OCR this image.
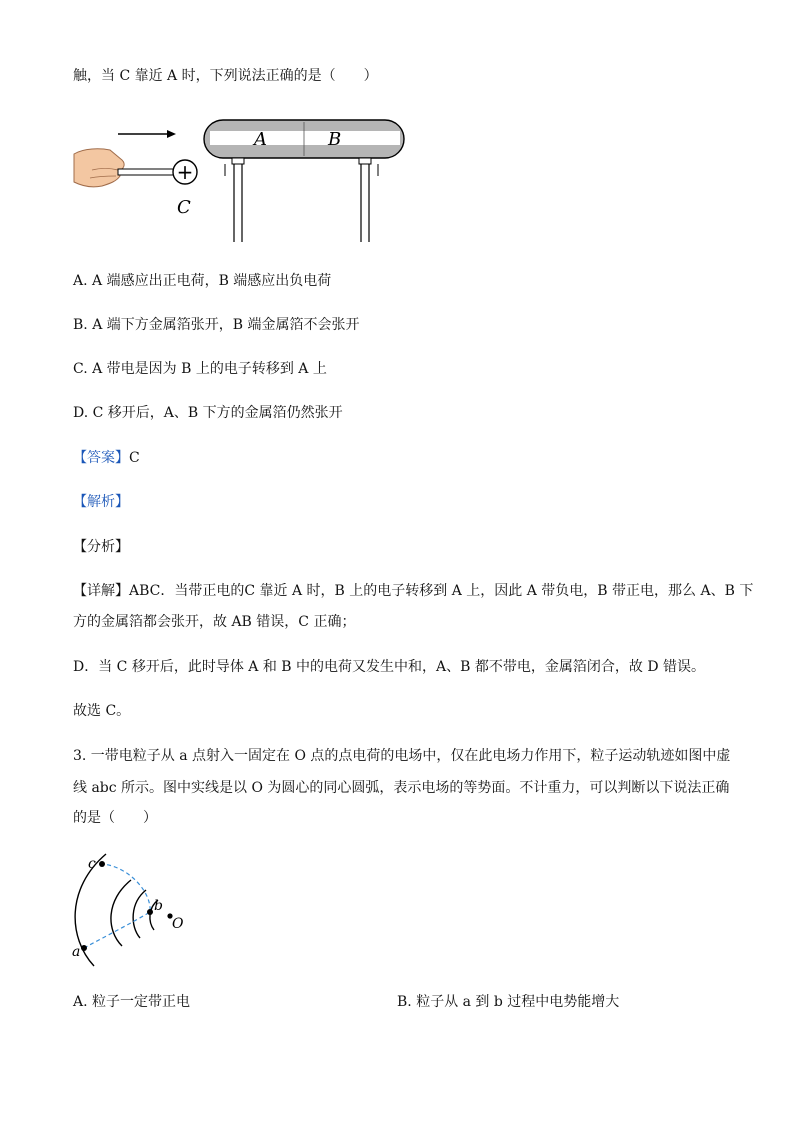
触，当 C 靠近 A 时，下列说法正确的是（　　）
+
C
A	B
A. A 端感应出正电荷，B 端感应出负电荷
B. A 端下方金属箔张开，B 端金属箔不会张开
C. A 带电是因为 B 上的电子转移到 A 上
D. C 移开后，A、B 下方的金属箔仍然张开
【答案】C
【解析】
【分析】
【详解】ABC．当带正电的C 靠近 A 时，B 上的电子转移到 A 上，因此 A 带负电，B 带正电，那么 A、B 下
方的金属箔都会张开，故 AB 错误，C 正确；
D．当 C 移开后，此时导体 A 和 B 中的电荷又发生中和，A、B 都不带电，金属箔闭合，故 D 错误。
故选 C。
3. 一带电粒子从 a 点射入一固定在 O 点的点电荷的电场中，仅在此电场力作用下，粒子运动轨迹如图中虚
线 abc 所示。图中实线是以 O 为圆心的同心圆弧，表示电场的等势面。不计重力，可以判断以下说法正确
的是（　　）
a
b
c
O
A. 粒子一定带正电	B. 粒子从 a 到 b 过程中电势能增大
